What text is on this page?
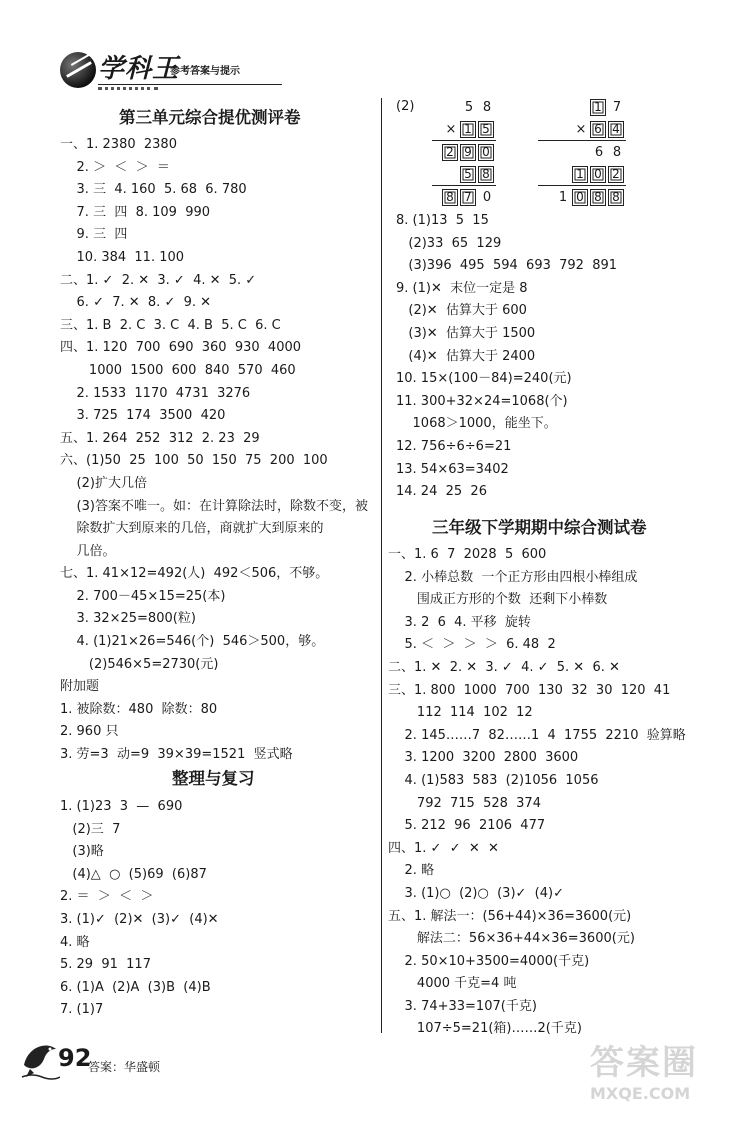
学科王
参考答案与提示
第三单元综合提优测评卷
一、1. 2380  2380
2. ＞  ＜  ＞  ＝
3. 三  4. 160  5. 68  6. 780
7. 三  四  8. 109  990
9. 三  四
10. 384  11. 100
二、1. ✓  2. ✕  3. ✓  4. ✕  5. ✓
6. ✓  7. ✕  8. ✓  9. ✕
三、1. B  2. C  3. C  4. B  5. C  6. C
四、1. 120  700  690  360  930  4000
1000  1500  600  840  570  460
2. 1533  1170  4731  3276
3. 725  174  3500  420
五、1. 264  252  312  2. 23  29
六、(1)50  25  100  50  150  75  200  100
(2)扩大几倍
(3)答案不唯一。如：在计算除法时，除数不变，被
除数扩大到原来的几倍，商就扩大到原来的
几倍。
七、1. 41×12=492(人)  492＜506，不够。
2. 700－45×15=25(本)
3. 32×25=800(粒)
4. (1)21×26=546(个)  546＞500，够。
(2)546×5=2730(元)
附加题
1. 被除数：480  除数：80
2. 960 只
3. 劳=3  动=9  39×39=1521  竖式略
整理与复习
1. (1)23  3  —  690
(2)三  7
(3)略
(4)△  ○  (5)69  (6)87
2. ＝  ＞  ＜  ＞
3. (1)✓  (2)✕  (3)✓  (4)✕
4. 略
5. 29  91  117
6. (1)A  (2)A  (3)B  (4)B
7. (1)7
(2)	5 8
× 1 5
2 9 0
5 8
8 7 0
1 7
× 6 4
6 8
1 0 2
1 0 8 8
8. (1)13  5  15
(2)33  65  129
(3)396  495  594  693  792  891
9. (1)✕  末位一定是 8
(2)✕  估算大于 600
(3)✕  估算大于 1500
(4)✕  估算大于 2400
10. 15×(100－84)=240(元)
11. 300+32×24=1068(个)
1068＞1000，能坐下。
12. 756÷6÷6=21
13. 54×63=3402
14. 24  25  26
三年级下学期期中综合测试卷
一、1. 6  7  2028  5  600
2. 小棒总数  一个正方形由四根小棒组成
围成正方形的个数  还剩下小棒数
3. 2  6  4. 平移  旋转
5. ＜  ＞  ＞  ＞  6. 48  2
二、1. ✕  2. ✕  3. ✓  4. ✓  5. ✕  6. ✕
三、1. 800  1000  700  130  32  30  120  41
112  114  102  12
2. 145……7  82……1  4  1755  2210  验算略
3. 1200  3200  2800  3600
4. (1)583  583  (2)1056  1056
792  715  528  374
5. 212  96  2106  477
四、1. ✓  ✓  ✕  ✕
2. 略
3. (1)○  (2)○  (3)✓  (4)✓
五、1. 解法一：(56+44)×36=3600(元)
解法二：56×36+44×36=3600(元)
2. 50×10+3500=4000(千克)
4000 千克=4 吨
3. 74+33=107(千克)
107÷5=21(箱)……2(千克)
92
答案：华盛顿	答案圈
MXQE.COM
